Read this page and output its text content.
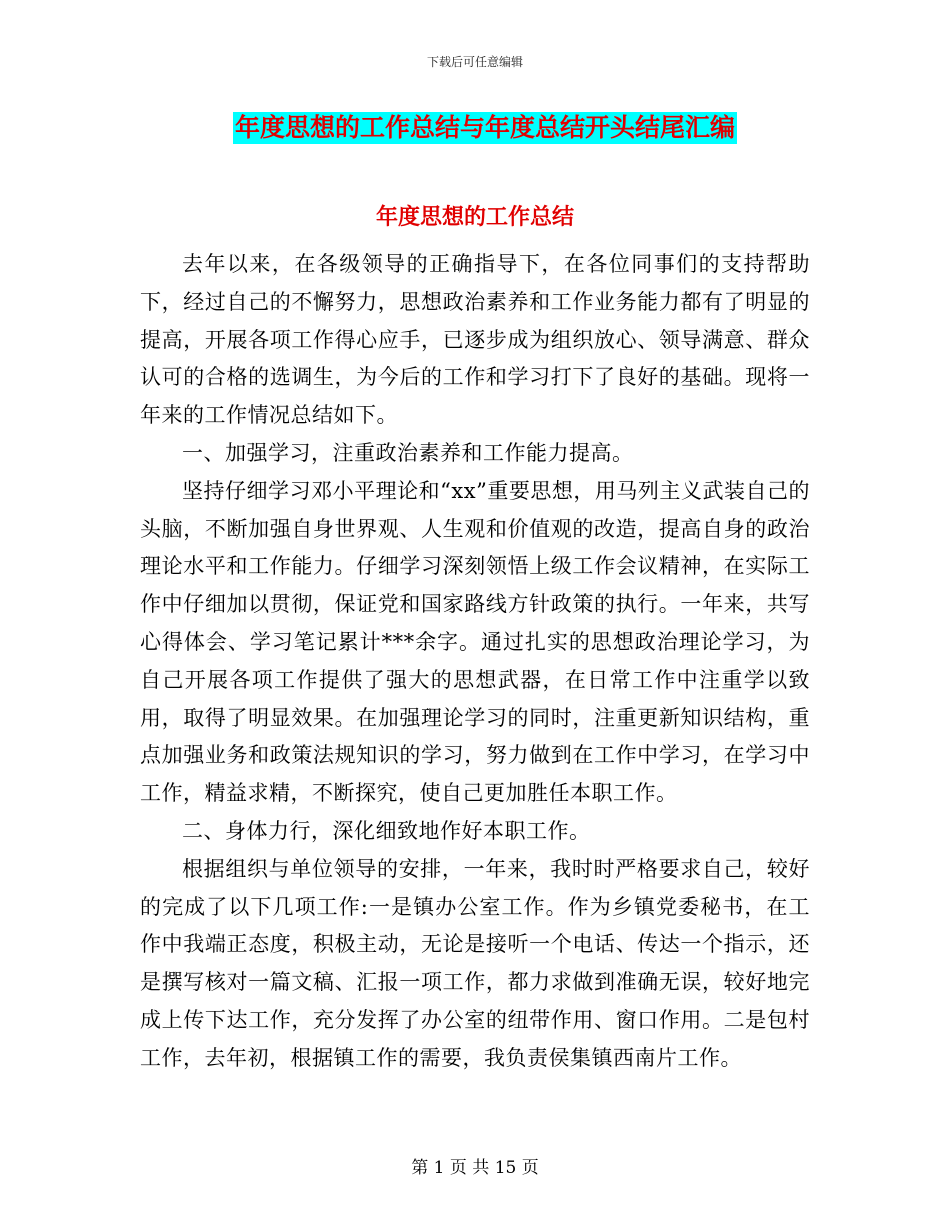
下载后可任意编辑
年度思想的工作总结与年度总结开头结尾汇编
年度思想的工作总结

去年以来，在各级领导的正确指导下，在各位同事们的支持帮助下，经过自己的不懈努力，思想政治素养和工作业务能力都有了明显的提高，开展各项工作得心应手，已逐步成为组织放心、领导满意、群众认可的合格的选调生，为今后的工作和学习打下了良好的基础。现将一年来的工作情况总结如下。

一、加强学习，注重政治素养和工作能力提高。

坚持仔细学习邓小平理论和“xx”重要思想，用马列主义武装自己的头脑，不断加强自身世界观、人生观和价值观的改造，提高自身的政治理论水平和工作能力。仔细学习深刻领悟上级工作会议精神，在实际工作中仔细加以贯彻，保证党和国家路线方针政策的执行。一年来，共写心得体会、学习笔记累计***余字。通过扎实的思想政治理论学习，为自己开展各项工作提供了强大的思想武器，在日常工作中注重学以致用，取得了明显效果。在加强理论学习的同时，注重更新知识结构，重点加强业务和政策法规知识的学习，努力做到在工作中学习，在学习中工作，精益求精，不断探究，使自己更加胜任本职工作。

二、身体力行，深化细致地作好本职工作。

根据组织与单位领导的安排，一年来，我时时严格要求自己，较好的完成了以下几项工作:一是镇办公室工作。作为乡镇党委秘书，在工作中我端正态度，积极主动，无论是接听一个电话、传达一个指示，还是撰写核对一篇文稿、汇报一项工作，都力求做到准确无误，较好地完成上传下达工作，充分发挥了办公室的纽带作用、窗口作用。二是包村工作，去年初，根据镇工作的需要，我负责侯集镇西南片工作。

第 1 页 共 15 页
